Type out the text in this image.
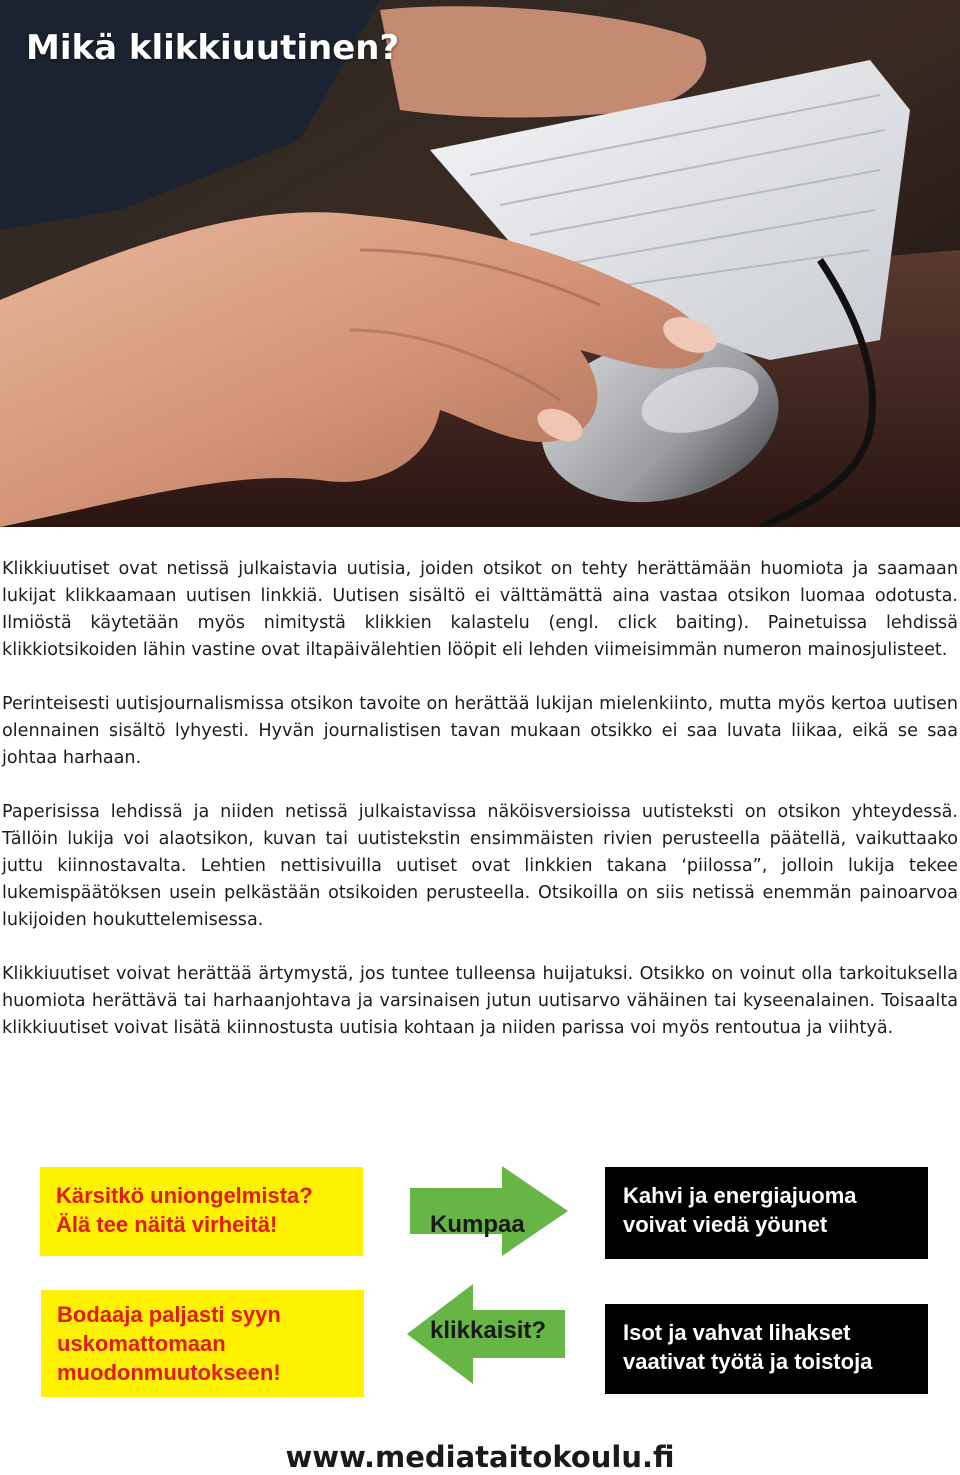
Mikä klikkiuutinen?

Klikkiuutiset ovat netissä julkaistavia uutisia, joiden otsikot on tehty herättämään huomiota ja saamaan lukijat klikkaamaan uutisen linkkiä. Uutisen sisältö ei välttämättä aina vastaa otsikon luomaa odotusta. Ilmiöstä käytetään myös nimitystä klikkien kalastelu (engl. click baiting). Painetuissa lehdissä klikkiotsikoiden lähin vastine ovat iltapäivälehtien lööpit eli lehden viimeisimmän numeron mainosjulisteet.

Perinteisesti uutisjournalismissa otsikon tavoite on herättää lukijan mielenkiinto, mutta myös kertoa uutisen olennainen sisältö lyhyesti. Hyvän journalistisen tavan mukaan otsikko ei saa luvata liikaa, eikä se saa johtaa harhaan.

Paperisissa lehdissä ja niiden netissä julkaistavissa näköisversioissa uutisteksti on otsikon yhteydessä. Tällöin lukija voi alaotsikon, kuvan tai uutistekstin ensimmäisten rivien perusteella päätellä, vaikuttaako juttu kiinnostavalta. Lehtien nettisivuilla uutiset ovat linkkien takana ʻpiilossa”, jolloin lukija tekee lukemispäätöksen usein pelkästään otsikoiden perusteella. Otsikoilla on siis netissä enemmän painoarvoa lukijoiden houkuttelemisessa.

Klikkiuutiset voivat herättää ärtymystä, jos tuntee tulleensa huijatuksi. Otsikko on voinut olla tarkoituksella huomiota herättävä tai harhaanjohtava ja varsinaisen jutun uutisarvo vähäinen tai kyseenalainen. Toisaalta klikkiuutiset voivat lisätä kiinnostusta uutisia kohtaan ja niiden parissa voi myös rentoutua ja viihtyä.

Kärsitkö uniongelmista?
Älä tee näitä virheitä!
Bodaaja paljasti syyn
uskomattomaan
muodonmuutokseen!
Kumpaa
klikkaisit?
Kahvi ja energiajuoma
voivat viedä yöunet
Isot ja vahvat lihakset
vaativat työtä ja toistoja
www.mediataitokoulu.fi
